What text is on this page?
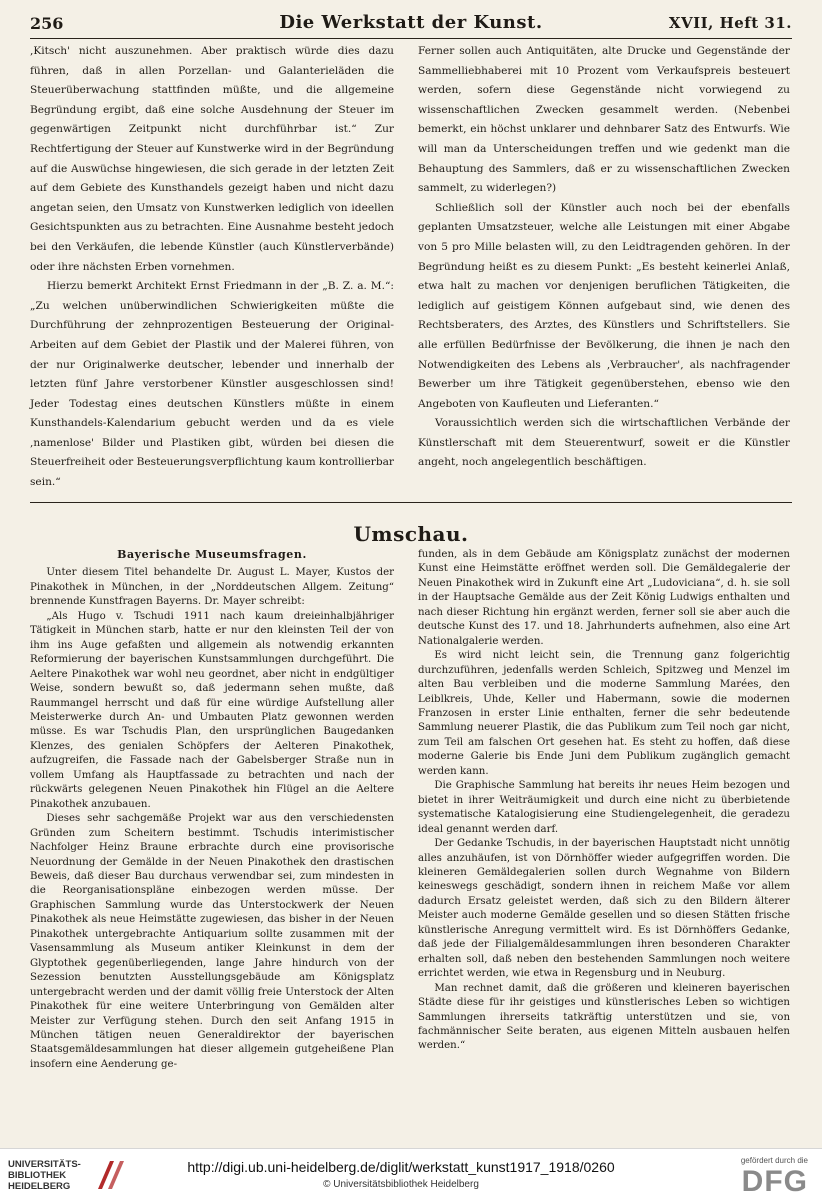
256	Die Werkstatt der Kunst.	XVII, Heft 31.

,Kitsch' nicht auszunehmen. Aber praktisch würde dies dazu führen, daß in allen Porzellan- und Galanterieläden die Steuerüberwachung stattfinden müßte, und die allgemeine Begründung ergibt, daß eine solche Ausdehnung der Steuer im gegenwärtigen Zeitpunkt nicht durchführbar ist.“ Zur Rechtfertigung der Steuer auf Kunstwerke wird in der Begründung auf die Auswüchse hingewiesen, die sich gerade in der letzten Zeit auf dem Gebiete des Kunsthandels gezeigt haben und nicht dazu angetan seien, den Umsatz von Kunstwerken lediglich von ideellen Gesichtspunkten aus zu betrachten. Eine Ausnahme besteht jedoch bei den Verkäufen, die lebende Künstler (auch Künstlerverbände) oder ihre nächsten Erben vornehmen.

Hierzu bemerkt Architekt Ernst Friedmann in der „B. Z. a. M.“: „Zu welchen unüberwindlichen Schwierigkeiten müßte die Durchführung der zehnprozentigen Besteuerung der Original-Arbeiten auf dem Gebiet der Plastik und der Malerei führen, von der nur Originalwerke deutscher, lebender und innerhalb der letzten fünf Jahre verstorbener Künstler ausgeschlossen sind! Jeder Todestag eines deutschen Künstlers müßte in einem Kunsthandels-Kalendarium gebucht werden und da es viele ,namenlose' Bilder und Plastiken gibt, würden bei diesen die Steuerfreiheit oder Besteuerungsverpflichtung kaum kontrollierbar sein.“

Ferner sollen auch Antiquitäten, alte Drucke und Gegenstände der Sammelliebhaberei mit 10 Prozent vom Verkaufspreis besteuert werden, sofern diese Gegenstände nicht vorwiegend zu wissenschaftlichen Zwecken gesammelt werden. (Nebenbei bemerkt, ein höchst unklarer und dehnbarer Satz des Entwurfs. Wie will man da Unterscheidungen treffen und wie gedenkt man die Behauptung des Sammlers, daß er zu wissenschaftlichen Zwecken sammelt, zu widerlegen?)

Schließlich soll der Künstler auch noch bei der ebenfalls geplanten Umsatzsteuer, welche alle Leistungen mit einer Abgabe von 5 pro Mille belasten will, zu den Leidtragenden gehören. In der Begründung heißt es zu diesem Punkt: „Es besteht keinerlei Anlaß, etwa halt zu machen vor denjenigen beruflichen Tätigkeiten, die lediglich auf geistigem Können aufgebaut sind, wie denen des Rechtsberaters, des Arztes, des Künstlers und Schriftstellers. Sie alle erfüllen Bedürfnisse der Bevölkerung, die ihnen je nach den Notwendigkeiten des Lebens als ,Verbraucher', als nachfragender Bewerber um ihre Tätigkeit gegenüberstehen, ebenso wie den Angeboten von Kaufleuten und Lieferanten.“

Voraussichtlich werden sich die wirtschaftlichen Verbände der Künstlerschaft mit dem Steuerentwurf, soweit er die Künstler angeht, noch angelegentlich beschäftigen.

Umschau.
Bayerische Museumsfragen.

Unter diesem Titel behandelte Dr. August L. Mayer, Kustos der Pinakothek in München, in der „Norddeutschen Allgem. Zeitung“ brennende Kunstfragen Bayerns. Dr. Mayer schreibt:

„Als Hugo v. Tschudi 1911 nach kaum dreieinhalbjähriger Tätigkeit in München starb, hatte er nur den kleinsten Teil der von ihm ins Auge gefaßten und allgemein als notwendig erkannten Reformierung der bayerischen Kunstsammlungen durchgeführt. Die Aeltere Pinakothek war wohl neu geordnet, aber nicht in endgültiger Weise, sondern bewußt so, daß jedermann sehen mußte, daß Raummangel herrscht und daß für eine würdige Aufstellung aller Meisterwerke durch An- und Umbauten Platz gewonnen werden müsse. Es war Tschudis Plan, den ursprünglichen Baugedanken Klenzes, des genialen Schöpfers der Aelteren Pinakothek, aufzugreifen, die Fassade nach der Gabelsberger Straße nun in vollem Umfang als Hauptfassade zu betrachten und nach der rückwärts gelegenen Neuen Pinakothek hin Flügel an die Aeltere Pinakothek anzubauen.

Dieses sehr sachgemäße Projekt war aus den verschiedensten Gründen zum Scheitern bestimmt. Tschudis interimistischer Nachfolger Heinz Braune erbrachte durch eine provisorische Neuordnung der Gemälde in der Neuen Pinakothek den drastischen Beweis, daß dieser Bau durchaus verwendbar sei, zum mindesten in die Reorganisationspläne einbezogen werden müsse. Der Graphischen Sammlung wurde das Unterstockwerk der Neuen Pinakothek als neue Heimstätte zugewiesen, das bisher in der Neuen Pinakothek untergebrachte Antiquarium sollte zusammen mit der Vasensammlung als Museum antiker Kleinkunst in dem der Glyptothek gegenüberliegenden, lange Jahre hindurch von der Sezession benutzten Ausstellungsgebäude am Königsplatz untergebracht werden und der damit völlig freie Unterstock der Alten Pinakothek für eine weitere Unterbringung von Gemälden alter Meister zur Verfügung stehen. Durch den seit Anfang 1915 in München tätigen neuen Generaldirektor der bayerischen Staatsgemäldesammlungen hat dieser allgemein gutgeheißene Plan insofern eine Aenderung ge-

funden, als in dem Gebäude am Königsplatz zunächst der modernen Kunst eine Heimstätte eröffnet werden soll. Die Gemäldegalerie der Neuen Pinakothek wird in Zukunft eine Art „Ludoviciana“, d. h. sie soll in der Hauptsache Gemälde aus der Zeit König Ludwigs enthalten und nach dieser Richtung hin ergänzt werden, ferner soll sie aber auch die deutsche Kunst des 17. und 18. Jahrhunderts aufnehmen, also eine Art Nationalgalerie werden.

Es wird nicht leicht sein, die Trennung ganz folgerichtig durchzuführen, jedenfalls werden Schleich, Spitzweg und Menzel im alten Bau verbleiben und die moderne Sammlung Marées, den Leiblkreis, Uhde, Keller und Habermann, sowie die modernen Franzosen in erster Linie enthalten, ferner die sehr bedeutende Sammlung neuerer Plastik, die das Publikum zum Teil noch gar nicht, zum Teil am falschen Ort gesehen hat. Es steht zu hoffen, daß diese moderne Galerie bis Ende Juni dem Publikum zugänglich gemacht werden kann.

Die Graphische Sammlung hat bereits ihr neues Heim bezogen und bietet in ihrer Weiträumigkeit und durch eine nicht zu überbietende systematische Katalogisierung eine Studiengelegenheit, die geradezu ideal genannt werden darf.

Der Gedanke Tschudis, in der bayerischen Hauptstadt nicht unnötig alles anzuhäufen, ist von Dörnhöffer wieder aufgegriffen worden. Die kleineren Gemäldegalerien sollen durch Wegnahme von Bildern keineswegs geschädigt, sondern ihnen in reichem Maße vor allem dadurch Ersatz geleistet werden, daß sich zu den Bildern älterer Meister auch moderne Gemälde gesellen und so diesen Stätten frische künstlerische Anregung vermittelt wird. Es ist Dörnhöffers Gedanke, daß jede der Filialgemäldesammlungen ihren besonderen Charakter erhalten soll, daß neben den bestehenden Sammlungen noch weitere errichtet werden, wie etwa in Regensburg und in Neuburg.

Man rechnet damit, daß die größeren und kleineren bayerischen Städte diese für ihr geistiges und künstlerisches Leben so wichtigen Sammlungen ihrerseits tatkräftig unterstützen und sie, von fachmännischer Seite beraten, aus eigenen Mitteln ausbauen helfen werden.“

UNIVERSITÄTS-
BIBLIOTHEK
HEIDELBERG
http://digi.ub.uni-heidelberg.de/diglit/werkstatt_kunst1917_1918/0260
© Universitätsbibliothek Heidelberg
gefördert durch die
DFG
